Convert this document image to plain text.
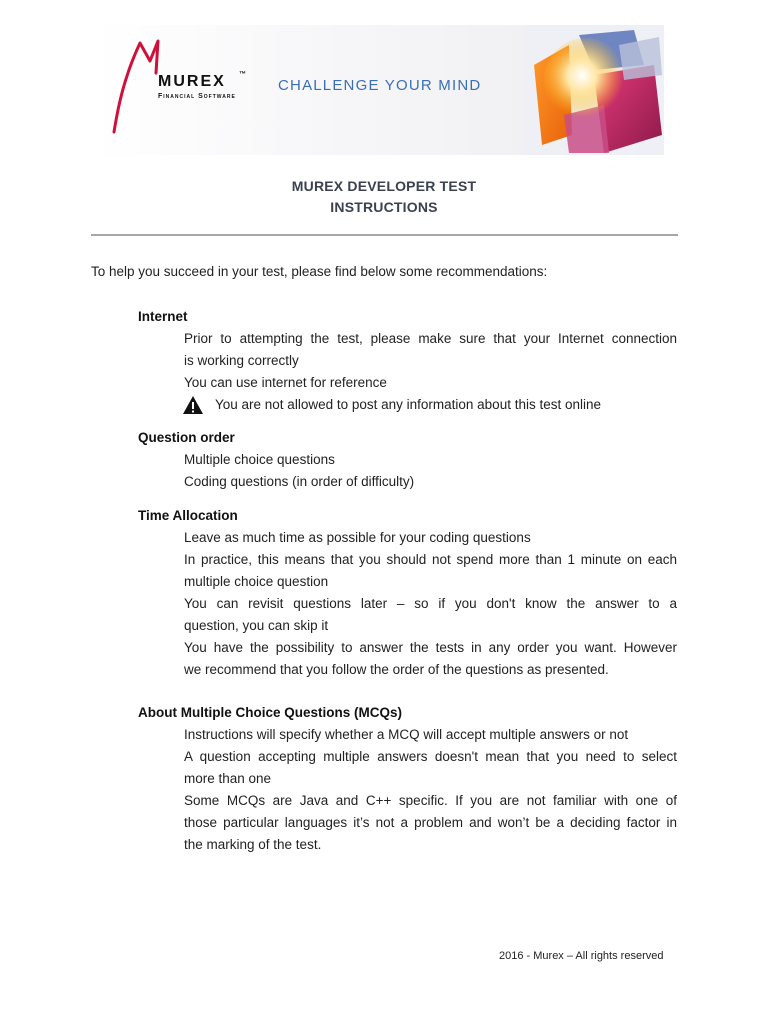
MUREX ™
Financial Software
CHALLENGE YOUR MIND
MUREX DEVELOPER TEST
INSTRUCTIONS
To help you succeed in your test, please find below some recommendations:
Internet
Prior to attempting the test, please make sure that your Internet connection
is working correctly
You can use internet for reference
You are not allowed to post any information about this test online
Question order
Multiple choice questions
Coding questions (in order of difficulty)
Time Allocation
Leave as much time as possible for your coding questions
In practice, this means that you should not spend more than 1 minute on each
multiple choice question
You can revisit questions later – so if you don't know the answer to a
question, you can skip it
You have the possibility to answer the tests in any order you want. However
we recommend that you follow the order of the questions as presented.
About Multiple Choice Questions (MCQs)
Instructions will specify whether a MCQ will accept multiple answers or not
A question accepting multiple answers doesn't mean that you need to select
more than one
Some MCQs are Java and C++ specific. If you are not familiar with one of
those particular languages it’s not a problem and won’t be a deciding factor in
the marking of the test.
2016 - Murex – All rights reserved
